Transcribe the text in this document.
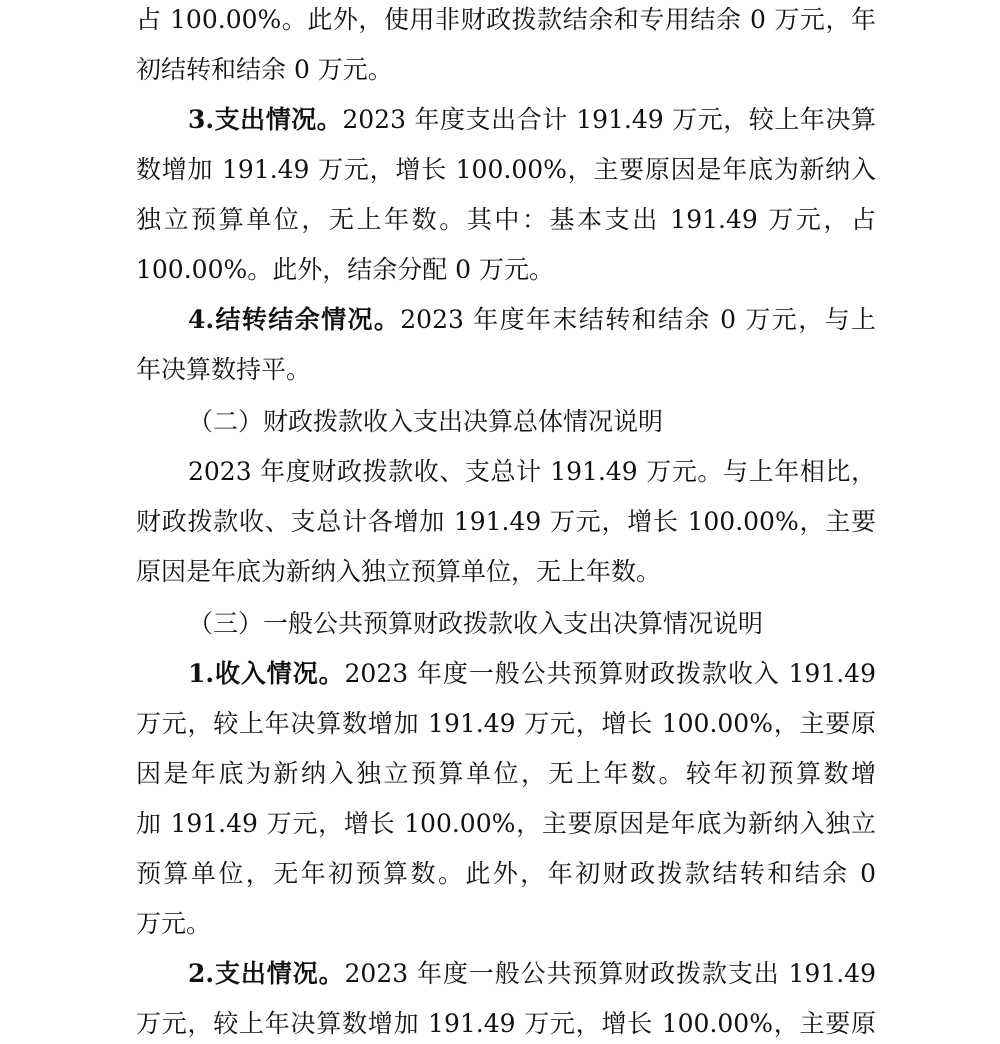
占 100.00%。此外，使用非财政拨款结余和专用结余 0 万元，年
初结转和结余 0 万元。
3.支出情况。2023 年度支出合计 191.49 万元，较上年决算
数增加 191.49 万元，增长 100.00%，主要原因是年底为新纳入
独立预算单位，无上年数。其中：基本支出 191.49 万元，占
100.00%。此外，结余分配 0 万元。
4.结转结余情况。2023 年度年末结转和结余 0 万元，与上
年决算数持平。
（二）财政拨款收入支出决算总体情况说明
2023 年度财政拨款收、支总计 191.49 万元。与上年相比，
财政拨款收、支总计各增加 191.49 万元，增长 100.00%，主要
原因是年底为新纳入独立预算单位，无上年数。
（三）一般公共预算财政拨款收入支出决算情况说明
1.收入情况。2023 年度一般公共预算财政拨款收入 191.49
万元，较上年决算数增加 191.49 万元，增长 100.00%，主要原
因是年底为新纳入独立预算单位，无上年数。较年初预算数增
加 191.49 万元，增长 100.00%，主要原因是年底为新纳入独立
预算单位，无年初预算数。此外，年初财政拨款结转和结余 0
万元。
2.支出情况。2023 年度一般公共预算财政拨款支出 191.49
万元，较上年决算数增加 191.49 万元，增长 100.00%，主要原
